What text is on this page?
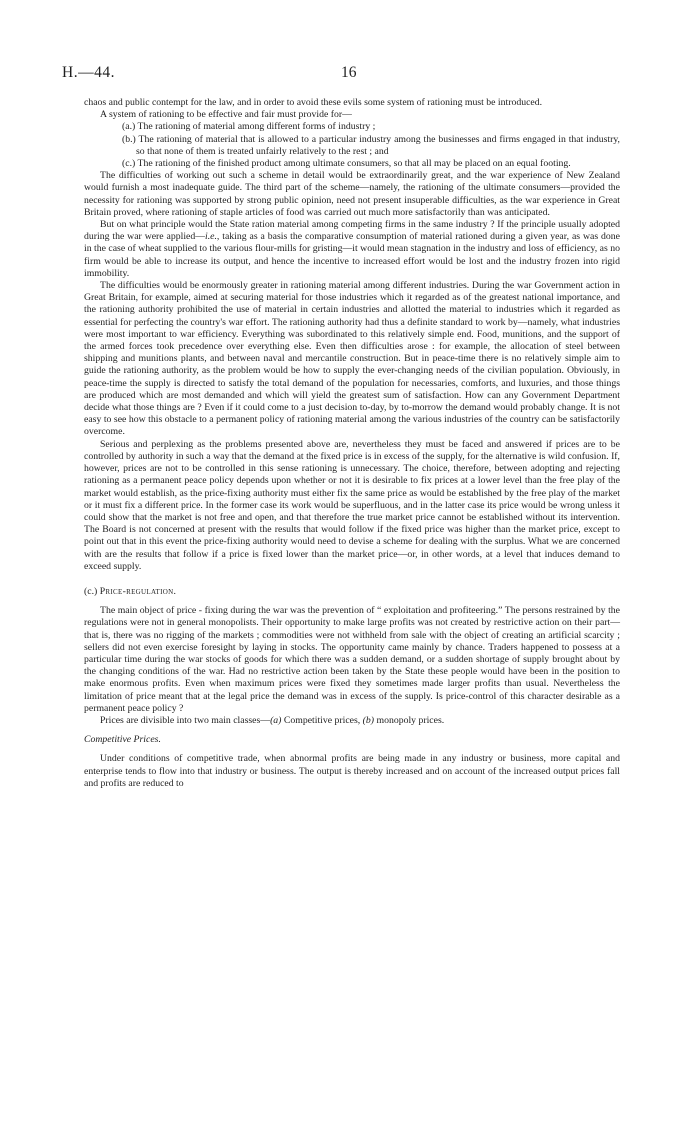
H.—44.	16

chaos and public contempt for the law, and in order to avoid these evils some system of rationing must be introduced.

A system of rationing to be effective and fair must provide for—

(a.) The rationing of material among different forms of industry ;

(b.) The rationing of material that is allowed to a particular industry among the businesses and firms engaged in that industry, so that none of them is treated unfairly relatively to the rest ; and

(c.) The rationing of the finished product among ultimate consumers, so that all may be placed on an equal footing.

The difficulties of working out such a scheme in detail would be extraordinarily great, and the war experience of New Zealand would furnish a most inadequate guide. The third part of the scheme—namely, the rationing of the ultimate consumers—provided the necessity for rationing was supported by strong public opinion, need not present insuperable difficulties, as the war experience in Great Britain proved, where rationing of staple articles of food was carried out much more satisfactorily than was anticipated.

But on what principle would the State ration material among competing firms in the same industry ? If the principle usually adopted during the war were applied—i.e., taking as a basis the comparative consumption of material rationed during a given year, as was done in the case of wheat supplied to the various flour-mills for gristing—it would mean stagnation in the industry and loss of efficiency, as no firm would be able to increase its output, and hence the incentive to increased effort would be lost and the industry frozen into rigid immobility.

The difficulties would be enormously greater in rationing material among different industries. During the war Government action in Great Britain, for example, aimed at securing material for those industries which it regarded as of the greatest national importance, and the rationing authority prohibited the use of material in certain industries and allotted the material to industries which it regarded as essential for perfecting the country's war effort. The rationing authority had thus a definite standard to work by—namely, what industries were most important to war efficiency. Everything was subordinated to this relatively simple end. Food, munitions, and the support of the armed forces took precedence over everything else. Even then difficulties arose : for example, the allocation of steel between shipping and munitions plants, and between naval and mercantile construction. But in peace-time there is no relatively simple aim to guide the rationing authority, as the problem would be how to supply the ever-changing needs of the civilian population. Obviously, in peace-time the supply is directed to satisfy the total demand of the population for necessaries, comforts, and luxuries, and those things are produced which are most demanded and which will yield the greatest sum of satisfaction. How can any Government Department decide what those things are ? Even if it could come to a just decision to-day, by to-morrow the demand would probably change. It is not easy to see how this obstacle to a permanent policy of rationing material among the various industries of the country can be satisfactorily overcome.

Serious and perplexing as the problems presented above are, nevertheless they must be faced and answered if prices are to be controlled by authority in such a way that the demand at the fixed price is in excess of the supply, for the alternative is wild confusion. If, however, prices are not to be controlled in this sense rationing is unnecessary. The choice, therefore, between adopting and rejecting rationing as a permanent peace policy depends upon whether or not it is desirable to fix prices at a lower level than the free play of the market would establish, as the price-fixing authority must either fix the same price as would be established by the free play of the market or it must fix a different price. In the former case its work would be superfluous, and in the latter case its price would be wrong unless it could show that the market is not free and open, and that therefore the true market price cannot be established without its intervention. The Board is not concerned at present with the results that would follow if the fixed price was higher than the market price, except to point out that in this event the price-fixing authority would need to devise a scheme for dealing with the surplus. What we are concerned with are the results that follow if a price is fixed lower than the market price—or, in other words, at a level that induces demand to exceed supply.

(c.) Price-regulation.

The main object of price - fixing during the war was the prevention of “ exploitation and profiteering.” The persons restrained by the regulations were not in general monopolists. Their opportunity to make large profits was not created by restrictive action on their part—that is, there was no rigging of the markets ; commodities were not withheld from sale with the object of creating an artificial scarcity ; sellers did not even exercise foresight by laying in stocks. The opportunity came mainly by chance. Traders happened to possess at a particular time during the war stocks of goods for which there was a sudden demand, or a sudden shortage of supply brought about by the changing conditions of the war. Had no restrictive action been taken by the State these people would have been in the position to make enormous profits. Even when maximum prices were fixed they sometimes made larger profits than usual. Nevertheless the limitation of price meant that at the legal price the demand was in excess of the supply. Is price-control of this character desirable as a permanent peace policy ?

Prices are divisible into two main classes—(a) Competitive prices, (b) monopoly prices.

Competitive Prices.

Under conditions of competitive trade, when abnormal profits are being made in any industry or business, more capital and enterprise tends to flow into that industry or business. The output is thereby increased and on account of the increased output prices fall and profits are reduced to
